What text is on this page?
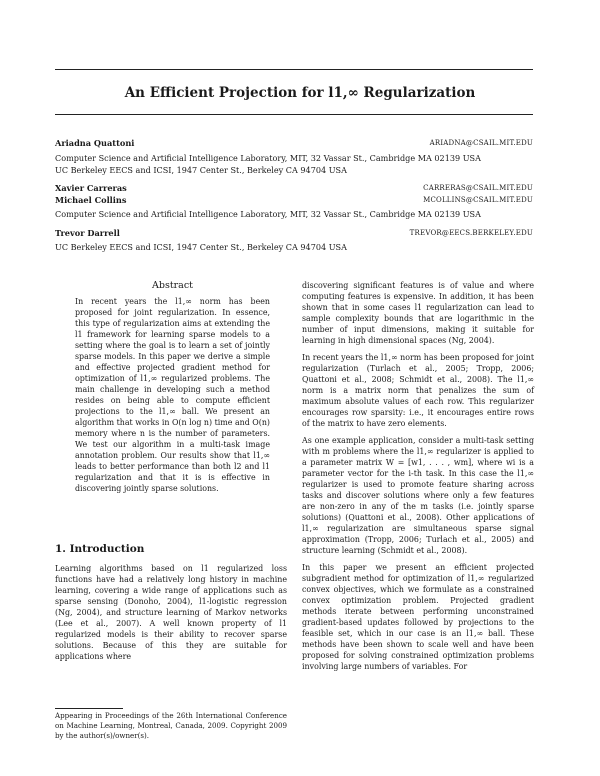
An Efficient Projection for l1,∞ Regularization
Ariadna Quattoni	ARIADNA@CSAIL.MIT.EDU
Computer Science and Artificial Intelligence Laboratory, MIT, 32 Vassar St., Cambridge MA 02139 USA
UC Berkeley EECS and ICSI, 1947 Center St., Berkeley CA 94704 USA
Xavier Carreras	CARRERAS@CSAIL.MIT.EDU
Michael Collins	MCOLLINS@CSAIL.MIT.EDU
Computer Science and Artificial Intelligence Laboratory, MIT, 32 Vassar St., Cambridge MA 02139 USA
Trevor Darrell	TREVOR@EECS.BERKELEY.EDU
UC Berkeley EECS and ICSI, 1947 Center St., Berkeley CA 94704 USA
Abstract
In recent years the l1,∞ norm has been proposed for joint regularization. In essence, this type of regularization aims at extending the l1 framework for learning sparse models to a setting where the goal is to learn a set of jointly sparse models. In this paper we derive a simple and effective projected gradient method for optimization of l1,∞ regularized problems. The main challenge in developing such a method resides on being able to compute efficient projections to the l1,∞ ball. We present an algorithm that works in O(n log n) time and O(n) memory where n is the number of parameters. We test our algorithm in a multi-task image annotation problem. Our results show that l1,∞ leads to better performance than both l2 and l1 regularization and that it is is effective in discovering jointly sparse solutions.
1. Introduction
Learning algorithms based on l1 regularized loss functions have had a relatively long history in machine learning, covering a wide range of applications such as sparse sensing (Donoho, 2004), l1-logistic regression (Ng, 2004), and structure learning of Markov networks (Lee et al., 2007). A well known property of l1 regularized models is their ability to recover sparse solutions. Because of this they are suitable for applications where
Appearing in Proceedings of the 26th International Conference on Machine Learning, Montreal, Canada, 2009. Copyright 2009 by the author(s)/owner(s).

discovering significant features is of value and where computing features is expensive. In addition, it has been shown that in some cases l1 regularization can lead to sample complexity bounds that are logarithmic in the number of input dimensions, making it suitable for learning in high dimensional spaces (Ng, 2004).

In recent years the l1,∞ norm has been proposed for joint regularization (Turlach et al., 2005; Tropp, 2006; Quattoni et al., 2008; Schmidt et al., 2008). The l1,∞ norm is a matrix norm that penalizes the sum of maximum absolute values of each row. This regularizer encourages row sparsity: i.e., it encourages entire rows of the matrix to have zero elements.

As one example application, consider a multi-task setting with m problems where the l1,∞ regularizer is applied to a parameter matrix W = [w1, . . . , wm], where wi is a parameter vector for the i-th task. In this case the l1,∞ regularizer is used to promote feature sharing across tasks and discover solutions where only a few features are non-zero in any of the m tasks (i.e. jointly sparse solutions) (Quattoni et al., 2008). Other applications of l1,∞ regularization are simultaneous sparse signal approximation (Tropp, 2006; Turlach et al., 2005) and structure learning (Schmidt et al., 2008).

In this paper we present an efficient projected subgradient method for optimization of l1,∞ regularized convex objectives, which we formulate as a constrained convex optimization problem. Projected gradient methods iterate between performing unconstrained gradient-based updates followed by projections to the feasible set, which in our case is an l1,∞ ball. These methods have been shown to scale well and have been proposed for solving constrained optimization problems involving large numbers of variables. For
